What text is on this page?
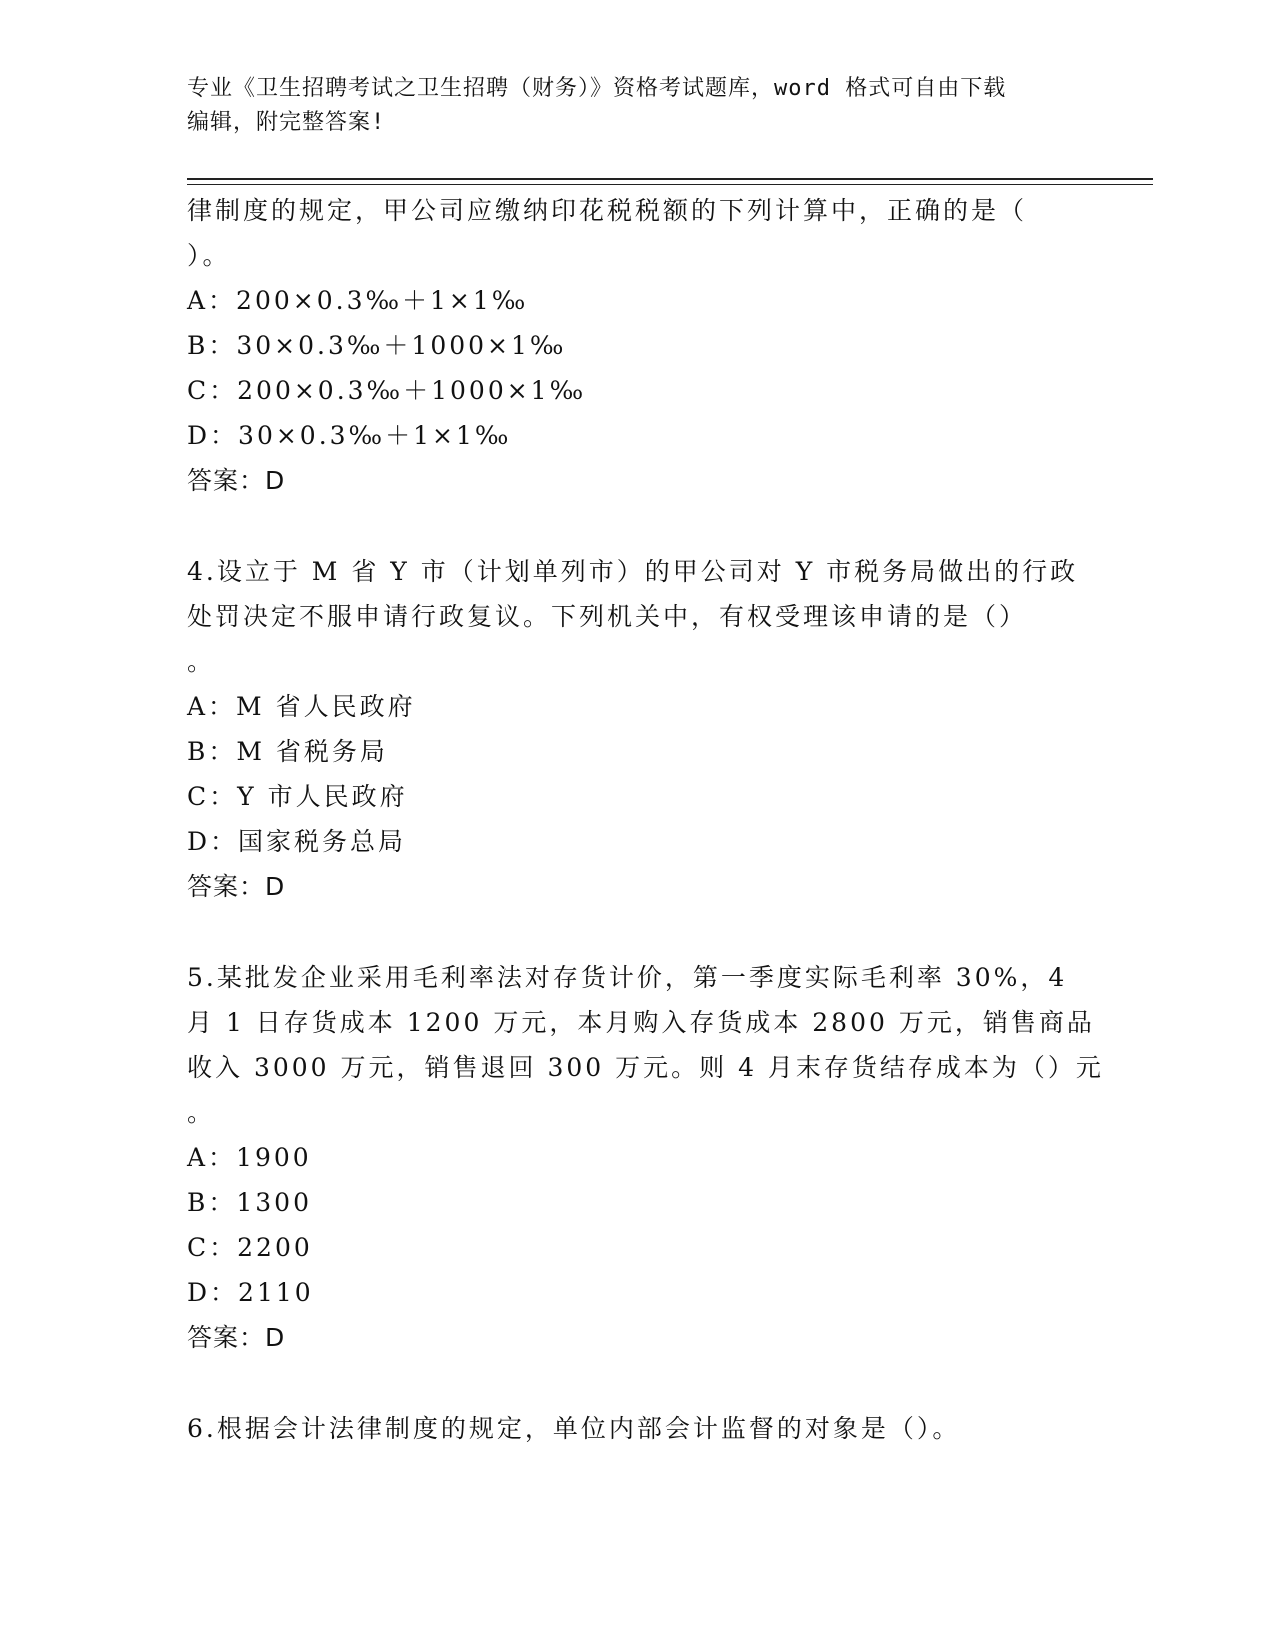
专业《卫生招聘考试之卫生招聘（财务）》资格考试题库，word 格式可自由下载
编辑，附完整答案!
律制度的规定，甲公司应缴纳印花税税额的下列计算中，正确的是（
）。
A：200×0.3‰＋1×1‰
B：30×0.3‰＋1000×1‰
C：200×0.3‰＋1000×1‰
D：30×0.3‰＋1×1‰
答案：D
4.设立于 M 省 Y 市（计划单列市）的甲公司对 Y 市税务局做出的行政
处罚决定不服申请行政复议。下列机关中，有权受理该申请的是（）
。
A：M 省人民政府
B：M 省税务局
C：Y 市人民政府
D：国家税务总局
答案：D
5.某批发企业采用毛利率法对存货计价，第一季度实际毛利率 30%，4
月 1 日存货成本 1200 万元，本月购入存货成本 2800 万元，销售商品
收入 3000 万元，销售退回 300 万元。则 4 月末存货结存成本为（）元
。
A：1900
B：1300
C：2200
D：2110
答案：D
6.根据会计法律制度的规定，单位内部会计监督的对象是（）。
